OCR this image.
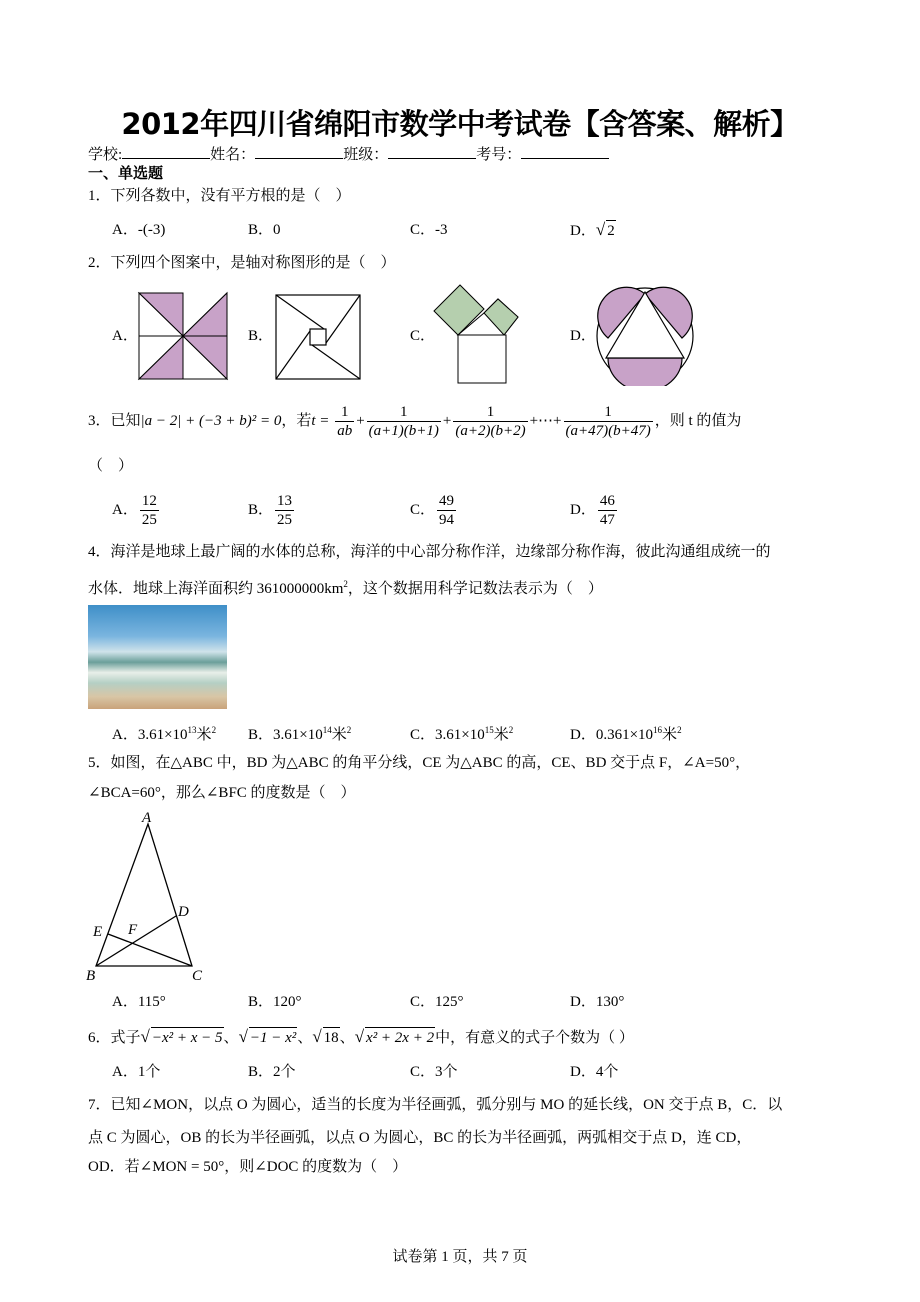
2012年四川省绵阳市数学中考试卷【含答案、解析】
学校:	姓名：	班级：	考号：
一、单选题
1．下列各数中，没有平方根的是（　）
A．-(-3)	B．0	C．-3	D．√ 2
2．下列四个图案中，是轴对称图形的是（　）
A．	B．	C．	D．
3．已知|a − 2| + (−3 + b)² = 0，若$t = \frac{1}{ab} + \frac{1}{(a+1)(b+1)} + \frac{1}{(a+2)(b+2)}$ +⋯+ $\frac{1}{(a+47)(b+47)}$ ，则 t 的值为
（　）
A． $\frac{12}{25}$	B． $\frac{13}{25}$	C． $\frac{49}{94}$	D． $\frac{46}{47}$
4．海洋是地球上最广阔的水体的总称，海洋的中心部分称作洋，边缘部分称作海，彼此沟通组成统一的
水体．地球上海洋面积约 $361000000km^2$，这个数据用科学记数法表示为（　）
A．$3.61\times 10^{13}$米$^2$ B．$3.61\times 10^{14}$米$^2$	C．$3.61\times 10^{15}$米$^2$	D．$0.361\times 10^{16}$米$^2$
5．如图，在△ABC 中，BD 为△ABC 的角平分线，CE 为△ABC 的高，CE、BD 交于点 F，∠A=50°，
∠BCA=60°，那么∠BFC 的度数是（　）
A
B	C
D
E F
A．115°	B．120°	C．125°	D．130°
6．式子√ −x² + x − 5、√ −1 − x²、√ 18、√ x² + 2x + 2中，有意义的式子个数为（ ）
A．1个	B．2个	C．3个	D．4个
7．已知∠MON，以点 O 为圆心，适当的长度为半径画弧，弧分别与 MO 的延长线，ON 交于点 B，C．以
点 C 为圆心，OB 的长为半径画弧，以点 O 为圆心，BC 的长为半径画弧，两弧相交于点 D，连 CD，
OD．若∠MON = 50°，则∠DOC 的度数为（　）
试卷第 1 页，共 7 页
